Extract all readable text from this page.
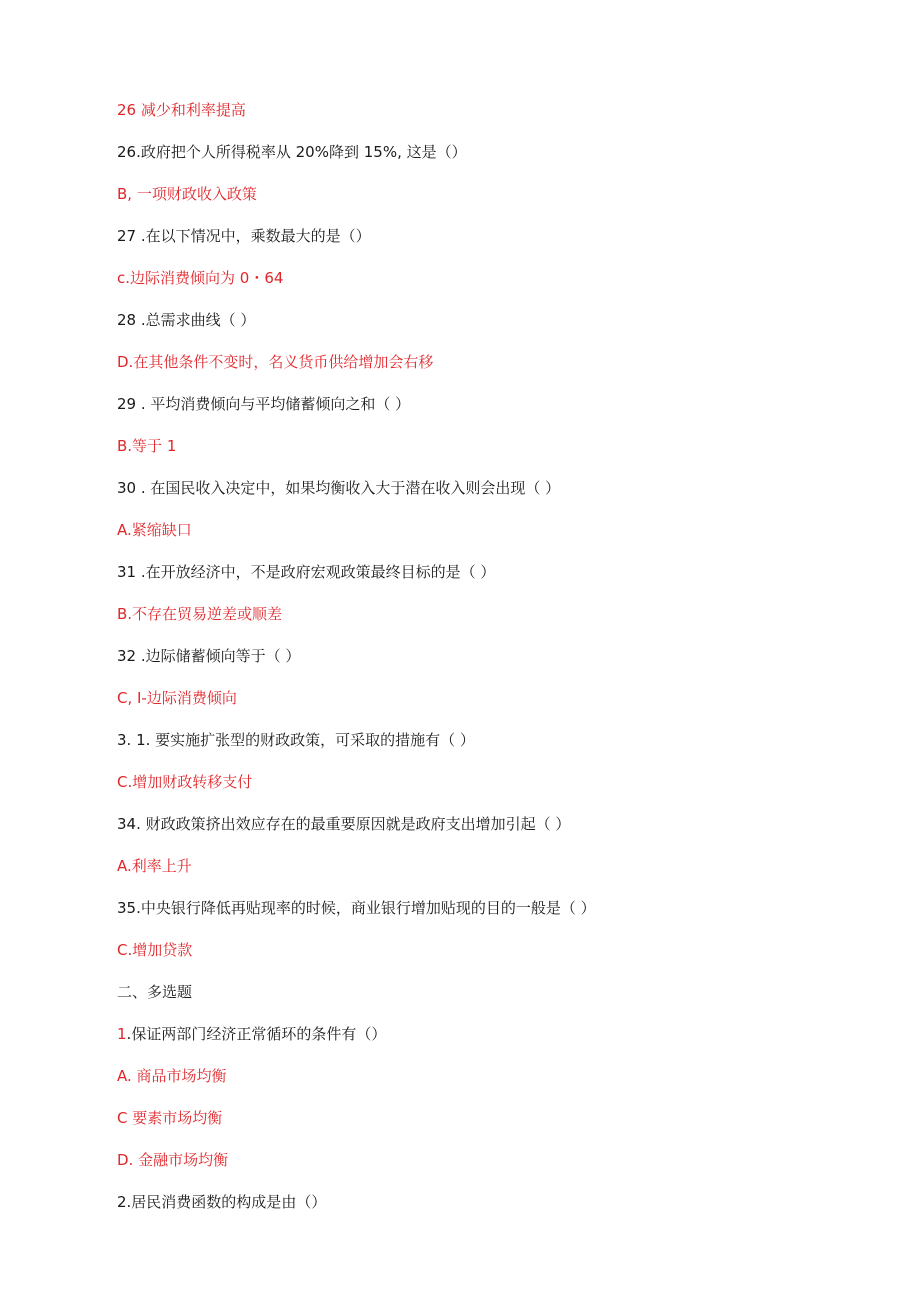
26 减少和利率提高
26.政府把个人所得税率从 20%降到 15%, 这是（）
B, 一项财政收入政策
27 .在以下情况中，乘数最大的是（）
c.边际消费倾向为 0・64
28 .总需求曲线（ ）
D.在其他条件不变时，名义货币供给增加会右移
29 . 平均消费倾向与平均储蓄倾向之和（ ）
B.等于 1
30 . 在国民收入决定中，如果均衡收入大于潜在收入则会出现（ ）
A.紧缩缺口
31 .在开放经济中，不是政府宏观政策最终目标的是（ ）
B.不存在贸易逆差或顺差
32 .边际储蓄倾向等于（ ）
C, I-边际消费倾向
3. 1. 要实施扩张型的财政政策，可采取的措施有（ ）
C.增加财政转移支付
34. 财政政策挤出效应存在的最重要原因就是政府支出增加引起（ ）
A.利率上升
35.中央银行降低再贴现率的时候，商业银行增加贴现的目的一般是（ ）
C.增加贷款
二、多选题
1.保证两部门经济正常循环的条件有（）
A. 商品市场均衡
C 要素市场均衡
D. 金融市场均衡
2.居民消费函数的构成是由（）
